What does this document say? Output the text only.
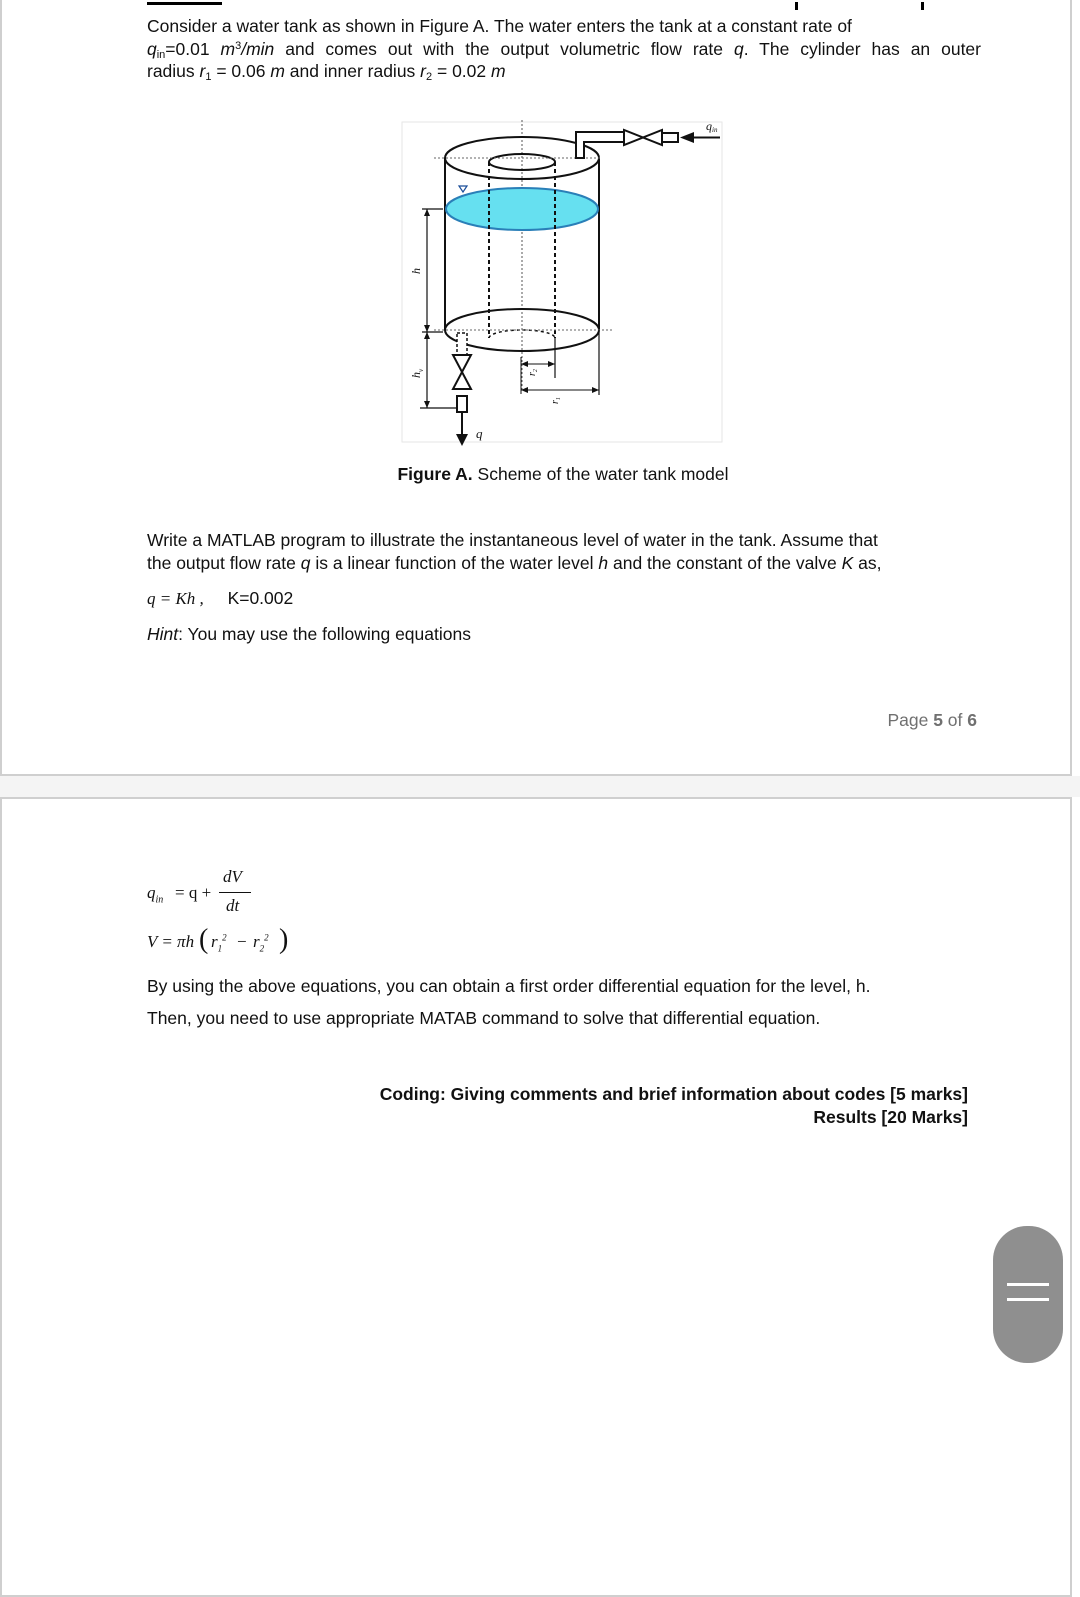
Consider a water tank as shown in Figure A. The water enters the tank at a constant rate of
$q_{in}=0.01$ $m^3/\min$ and comes out with the output volumetric flow rate q. The cylinder has an outer
radius $r_1 = 0.06$ m and inner radius $r_2 = 0.02$ m
qin
q
h
$h_v$
$r_2$
$r_1$
Figure A. Scheme of the water tank model
Write a MATLAB program to illustrate the instantaneous level of water in the tank. Assume that
the output flow rate q is a linear function of the water level h and the constant of the valve K as,
q = Kh , K=0.002
Hint: You may use the following equations
Page 5 of 6
$q_{in} = q$ +
dV
dt
V = πh ( $r_1^2 - r_2^2$ )
By using the above equations, you can obtain a first order differential equation for the level, h.
Then, you need to use appropriate MATAB command to solve that differential equation.
Coding: Giving comments and brief information about codes [5 marks]
Results [20 Marks]
